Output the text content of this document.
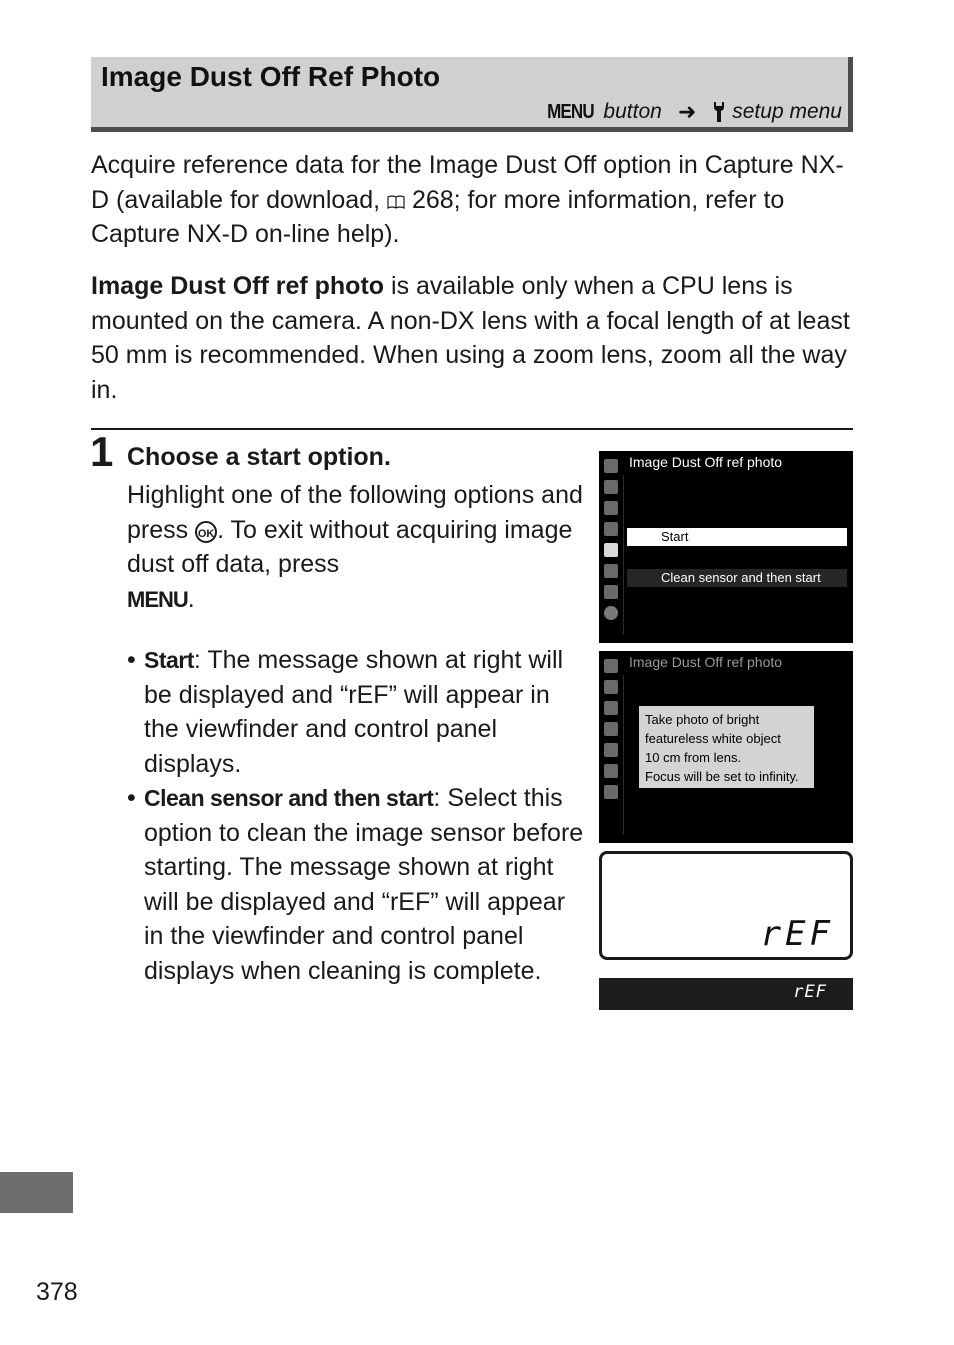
Image Dust Off Ref Photo
MENU button ➜ setup menu

Acquire reference data for the Image Dust Off option in Capture NX-D (available for download,  268; for more information, refer to Capture NX-D on-line help).

Image Dust Off ref photo is available only when a CPU lens is mounted on the camera. A non-DX lens with a focal length of at least 50 mm is recommended. When using a zoom lens, zoom all the way in.

1 Choose a start option.

Highlight one of the following options and press OK . To exit without acquiring image dust off data, press
MENU.

• Start: The message shown at right will be displayed and “rEF” will appear in the viewfinder and control panel displays.
• Clean sensor and then start: Select this option to clean the image sensor before starting. The message shown at right will be displayed and “rEF” will appear in the viewfinder and control panel displays when cleaning is complete.
Image Dust Off ref photo
Start
Clean sensor and then start
Image Dust Off ref photo
Take photo of bright
featureless white object
10 cm from lens.
Focus will be set to infinity.
rEF
rEF
378
